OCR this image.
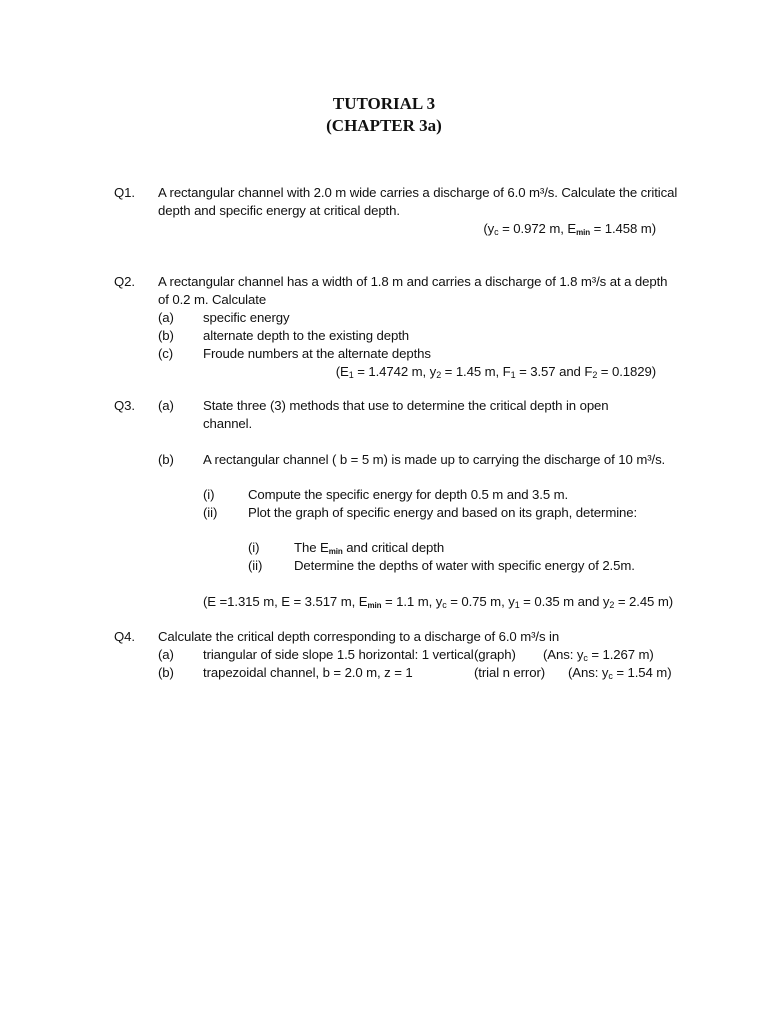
TUTORIAL 3
(CHAPTER 3a)
Q1. A rectangular channel with 2.0 m wide carries a discharge of 6.0 m³/s. Calculate the critical
depth and specific energy at critical depth.
($y_c = 0.972$ m, $E_{min} = 1.458$ m)
Q2. A rectangular channel has a width of 1.8 m and carries a discharge of 1.8 m³/s at a depth
of 0.2 m. Calculate
(a) specific energy
(b) alternate depth to the existing depth
(c) Froude numbers at the alternate depths
($E_1 = 1.4742$ m, $y_2 = 1.45$ m, $F_1 = 3.57$ and $F_2 = 0.1829$)
Q3. (a) State three (3) methods that use to determine the critical depth in open
channel.
(b) A rectangular channel ( b = 5 m) is made up to carrying the discharge of 10 m³/s.
(i)	Compute the specific energy for depth 0.5 m and 3.5 m.
(ii) Plot the graph of specific energy and based on its graph, determine:
(i)	The $E_{min}$ and critical depth
(ii) Determine the depths of water with specific energy of 2.5m.
(E =1.315 m, E = 3.517 m, $E_{min} = 1.1$ m, $y_c = 0.75$ m, $y_1 = 0.35$ m and $y_2 = 2.45$ m)
Q4. Calculate the critical depth corresponding to a discharge of 6.0 m³/s in
(a) triangular of side slope 1.5 horizontal: 1 vertical (graph) (Ans: $y_c = 1.267$ m)
(b) trapezoidal channel, b = 2.0 m, z = 1	(trial n error) (Ans: $y_c = 1.54$ m)
